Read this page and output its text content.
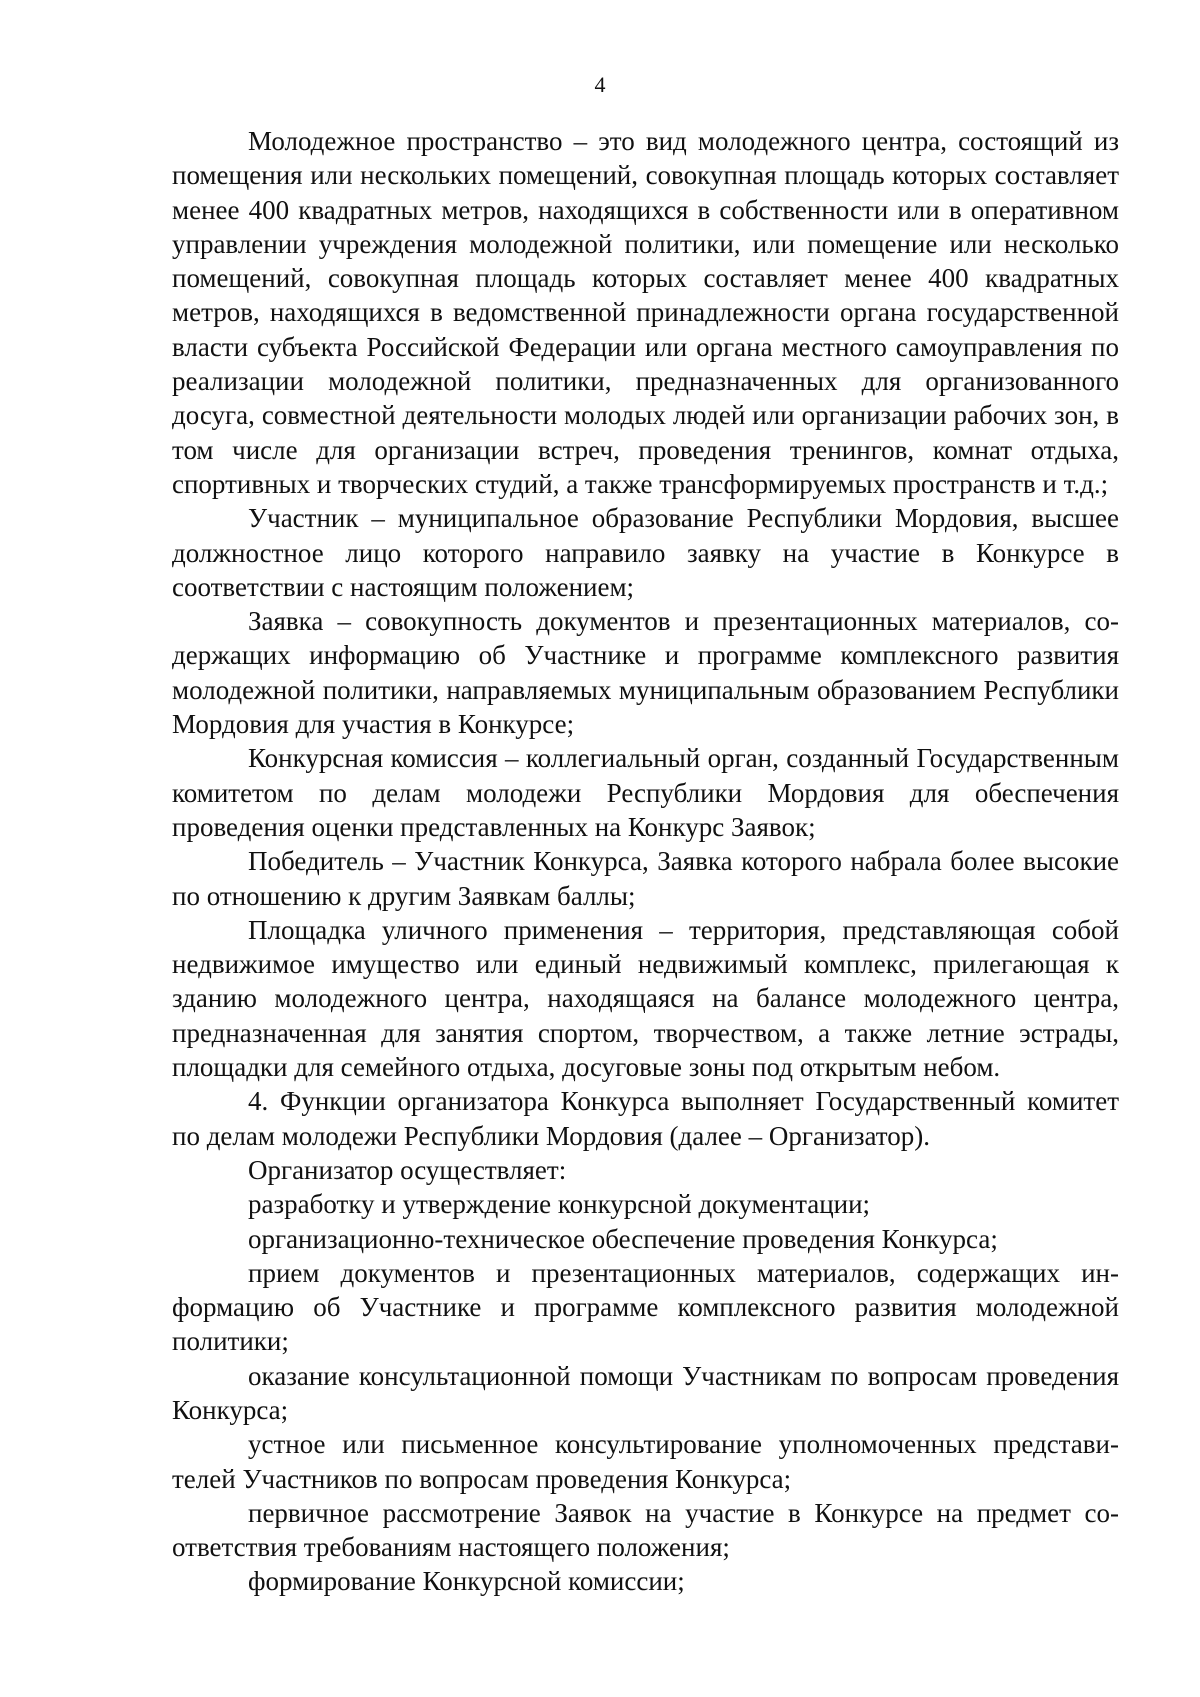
4

Молодежное пространство – это вид молодежного центра, состоящий из помещения или нескольких помещений, совокупная площадь которых составляет менее 400 квадратных метров, находящихся в собственности или в оперативном управлении учреждения молодежной политики, или помещение или несколько помещений, совокупная площадь которых составляет менее 400 квадратных метров, находящихся в ведомственной принадлежности органа государственной власти субъекта Российской Федерации или органа местного самоуправления по реализации молодежной политики, предназначенных для организованного досуга, совместной деятельности молодых людей или организации рабочих зон, в том числе для организации встреч, проведения тренингов, комнат отдыха, спортивных и творческих студий, а также трансформируемых пространств и т.д.;

Участник – муниципальное образование Республики Мордовия, высшее должностное лицо которого направило заявку на участие в Конкурсе в соответствии с настоящим положением;

Заявка – совокупность документов и презентационных материалов, содержащих информацию об Участнике и программе комплексного развития молодежной политики, направляемых муниципальным образованием Республики Мордовия для участия в Конкурсе;

Конкурсная комиссия – коллегиальный орган, созданный Государственным комитетом по делам молодежи Республики Мордовия для обеспечения проведения оценки представленных на Конкурс Заявок;

Победитель – Участник Конкурса, Заявка которого набрала более высокие по отношению к другим Заявкам баллы;

Площадка уличного применения – территория, представляющая собой недвижимое имущество или единый недвижимый комплекс, прилегающая к зданию молодежного центра, находящаяся на балансе молодежного центра, предназначенная для занятия спортом, творчеством, а также летние эстрады, площадки для семейного отдыха, досуговые зоны под открытым небом.

4. Функции организатора Конкурса выполняет Государственный комитет по делам молодежи Республики Мордовия (далее – Организатор).

Организатор осуществляет:

разработку и утверждение конкурсной документации;

организационно-техническое обеспечение проведения Конкурса;

прием документов и презентационных материалов, содержащих информацию об Участнике и программе комплексного развития молодежной политики;

оказание консультационной помощи Участникам по вопросам проведения Конкурса;

устное или письменное консультирование уполномоченных представителей Участников по вопросам проведения Конкурса;

первичное рассмотрение Заявок на участие в Конкурсе на предмет соответствия требованиям настоящего положения;

формирование Конкурсной комиссии;
